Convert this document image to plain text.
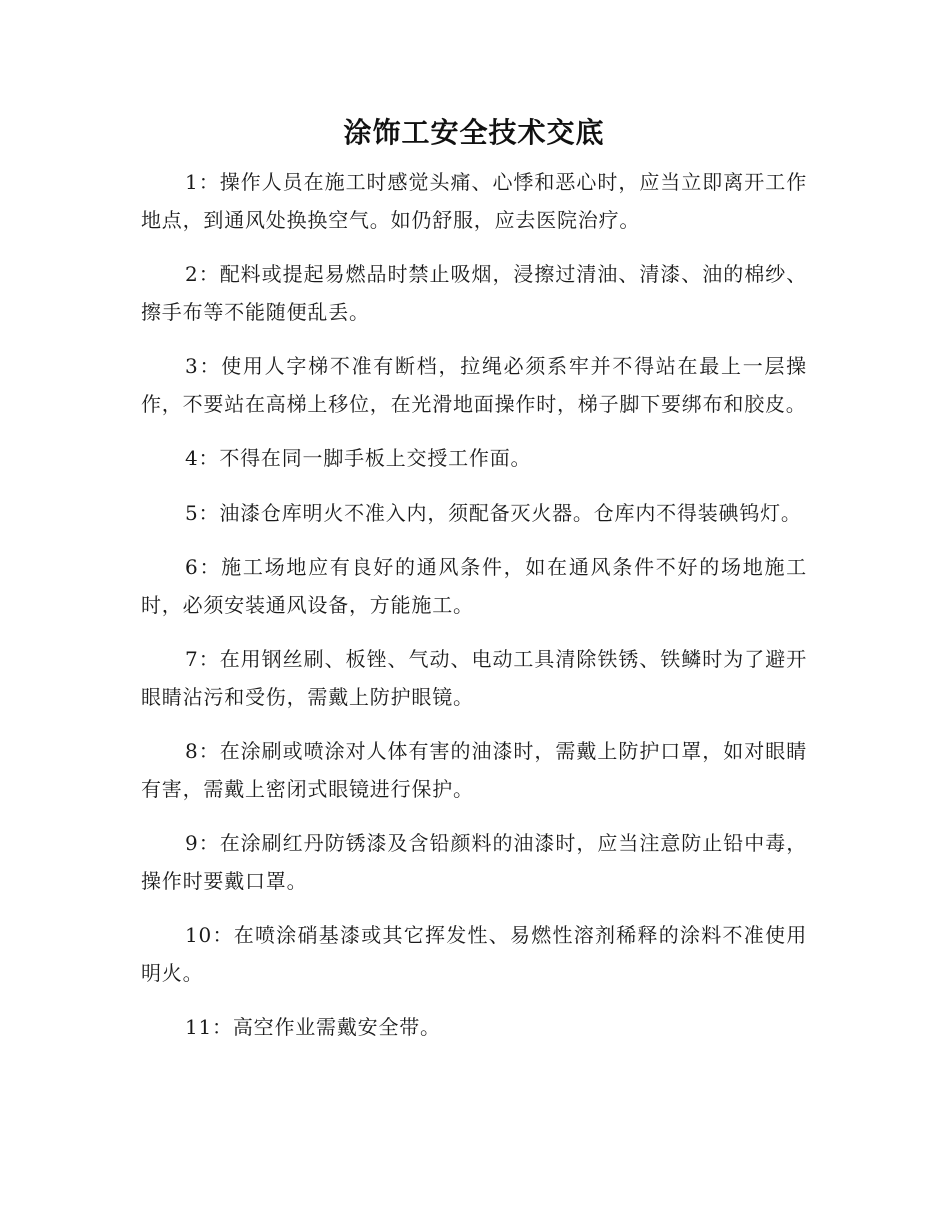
涂饰工安全技术交底

1：操作人员在施工时感觉头痛、心悸和恶心时，应当立即离开工作地点，到通风处换换空气。如仍舒服，应去医院治疗。

2：配料或提起易燃品时禁止吸烟，浸擦过清油、清漆、油的棉纱、擦手布等不能随便乱丢。

3：使用人字梯不准有断档，拉绳必须系牢并不得站在最上一层操作，不要站在高梯上移位，在光滑地面操作时，梯子脚下要绑布和胶皮。

4：不得在同一脚手板上交授工作面。

5：油漆仓库明火不准入内，须配备灭火器。仓库内不得装碘钨灯。

6：施工场地应有良好的通风条件，如在通风条件不好的场地施工时，必须安装通风设备，方能施工。

7：在用钢丝刷、板锉、气动、电动工具清除铁锈、铁鳞时为了避开眼睛沾污和受伤，需戴上防护眼镜。

8：在涂刷或喷涂对人体有害的油漆时，需戴上防护口罩，如对眼睛有害，需戴上密闭式眼镜进行保护。

9：在涂刷红丹防锈漆及含铅颜料的油漆时，应当注意防止铅中毒，操作时要戴口罩。

10：在喷涂硝基漆或其它挥发性、易燃性溶剂稀释的涂料不准使用明火。

11：高空作业需戴安全带。
